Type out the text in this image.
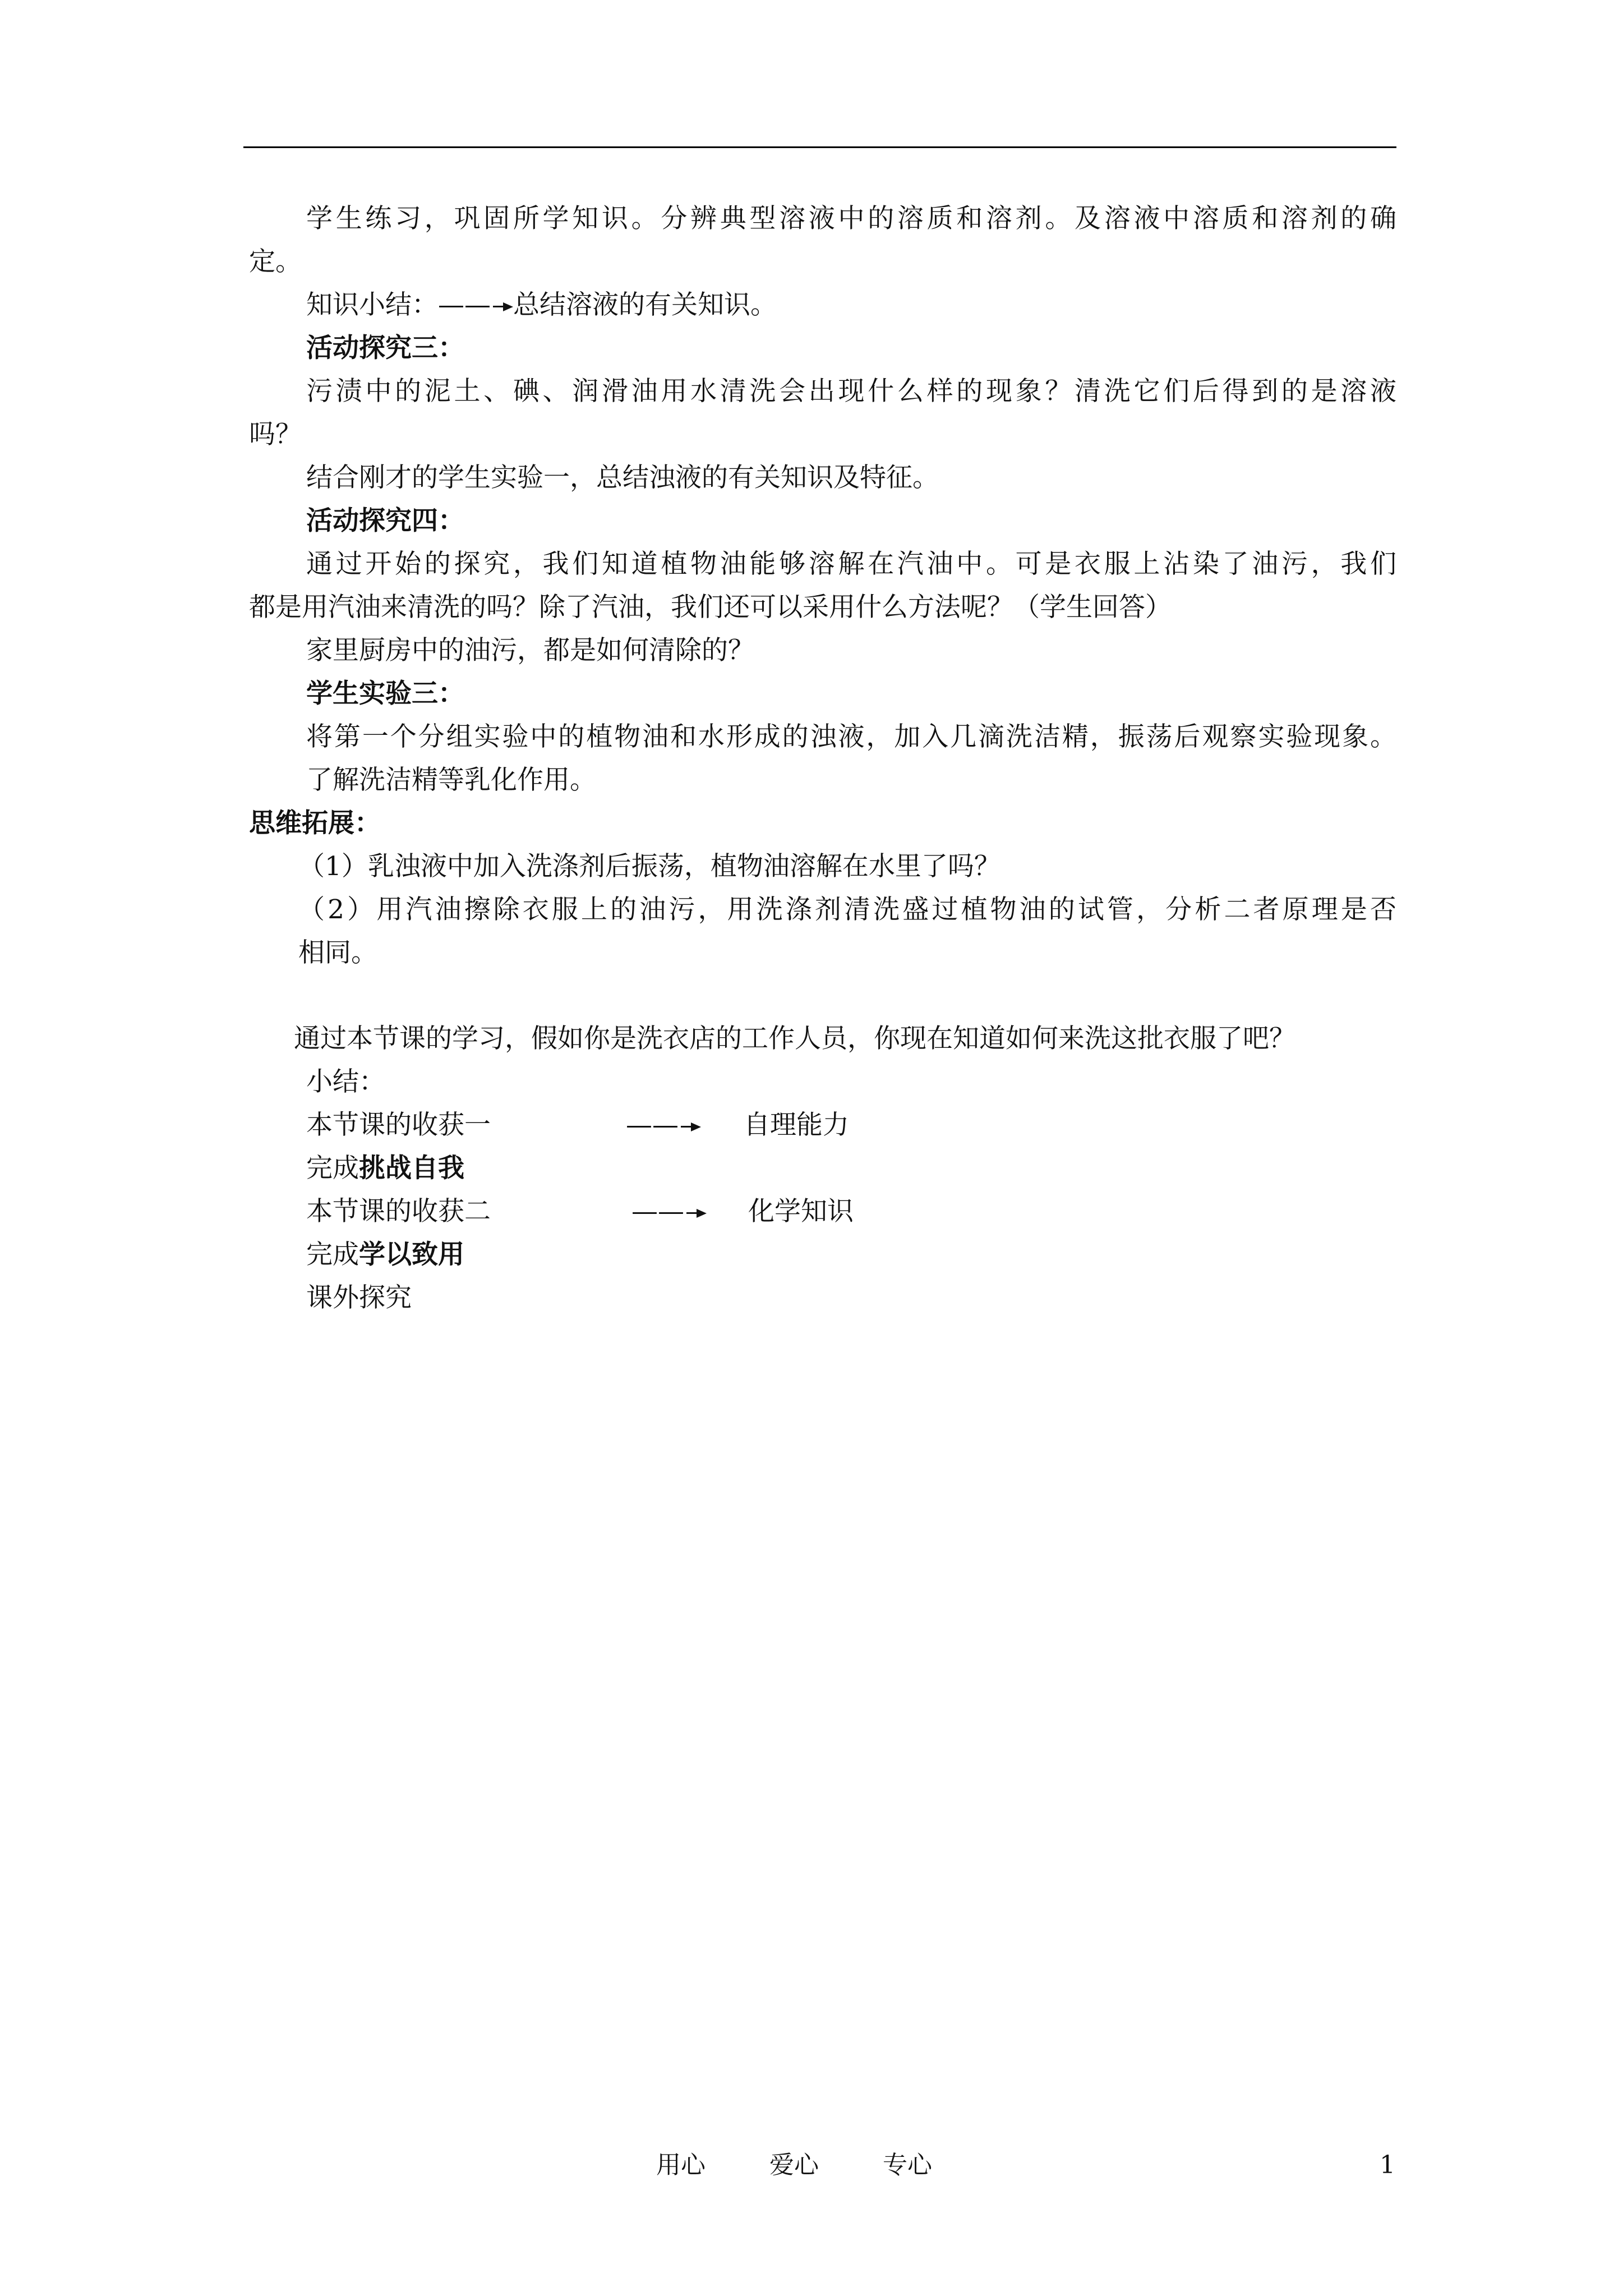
学生练习，巩固所学知识。分辨典型溶液中的溶质和溶剂。及溶液中溶质和溶剂的确
定。
知识小结：—— 总结溶液的有关知识。
活动探究三：
污渍中的泥土、碘、润滑油用水清洗会出现什么样的现象？清洗它们后得到的是溶液
吗？
结合刚才的学生实验一，总结浊液的有关知识及特征。
活动探究四：
通过开始的探究，我们知道植物油能够溶解在汽油中。可是衣服上沾染了油污，我们
都是用汽油来清洗的吗？除了汽油，我们还可以采用什么方法呢？（学生回答）
家里厨房中的油污，都是如何清除的？
学生实验三：
将第一个分组实验中的植物油和水形成的浊液，加入几滴洗洁精，振荡后观察实验现象。
了解洗洁精等乳化作用。
思维拓展：
（1）乳浊液中加入洗涤剂后振荡，植物油溶解在水里了吗？
（2）用汽油擦除衣服上的油污，用洗涤剂清洗盛过植物油的试管，分析二者原理是否
相同。
通过本节课的学习，假如你是洗衣店的工作人员，你现在知道如何来洗这批衣服了吧？
小结：
本节课的收获一	——	自理能力
完成挑战自我
本节课的收获二	——	化学知识
完成学以致用
课外探究
用心	爱心	专心	1
